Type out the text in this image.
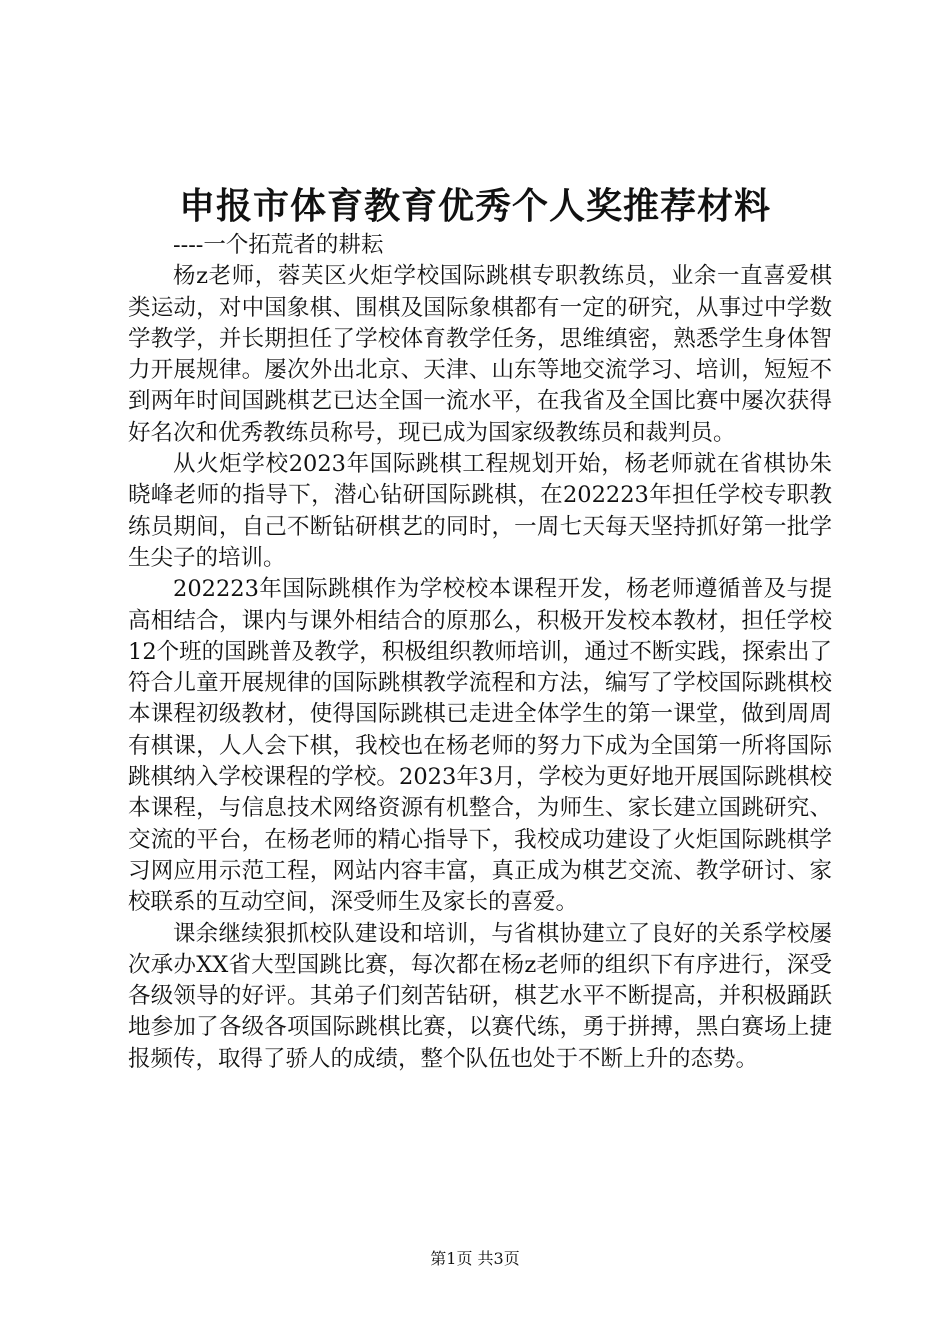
申报市体育教育优秀个人奖推荐材料

----一个拓荒者的耕耘

杨z老师，蓉芙区火炬学校国际跳棋专职教练员，业余一直喜爱棋类运动，对中国象棋、围棋及国际象棋都有一定的研究，从事过中学数学教学，并长期担任了学校体育教学任务，思维缜密，熟悉学生身体智力开展规律。屡次外出北京、天津、山东等地交流学习、培训，短短不到两年时间国跳棋艺已达全国一流水平，在我省及全国比赛中屡次获得好名次和优秀教练员称号，现已成为国家级教练员和裁判员。

从火炬学校2023年国际跳棋工程规划开始，杨老师就在省棋协朱晓峰老师的指导下，潜心钻研国际跳棋，在202223年担任学校专职教练员期间，自己不断钻研棋艺的同时，一周七天每天坚持抓好第一批学生尖子的培训。

202223年国际跳棋作为学校校本课程开发，杨老师遵循普及与提高相结合，课内与课外相结合的原那么，积极开发校本教材，担任学校12个班的国跳普及教学，积极组织教师培训，通过不断实践，探索出了符合儿童开展规律的国际跳棋教学流程和方法，编写了学校国际跳棋校本课程初级教材，使得国际跳棋已走进全体学生的第一课堂，做到周周有棋课，人人会下棋，我校也在杨老师的努力下成为全国第一所将国际跳棋纳入学校课程的学校。2023年3月，学校为更好地开展国际跳棋校本课程，与信息技术网络资源有机整合，为师生、家长建立国跳研究、交流的平台，在杨老师的精心指导下，我校成功建设了火炬国际跳棋学习网应用示范工程，网站内容丰富，真正成为棋艺交流、教学研讨、家校联系的互动空间，深受师生及家长的喜爱。

课余继续狠抓校队建设和培训，与省棋协建立了良好的关系学校屡次承办XX省大型国跳比赛，每次都在杨z老师的组织下有序进行，深受各级领导的好评。其弟子们刻苦钻研，棋艺水平不断提高，并积极踊跃地参加了各级各项国际跳棋比赛，以赛代练，勇于拼搏，黑白赛场上捷报频传，取得了骄人的成绩，整个队伍也处于不断上升的态势。

第1页 共3页
